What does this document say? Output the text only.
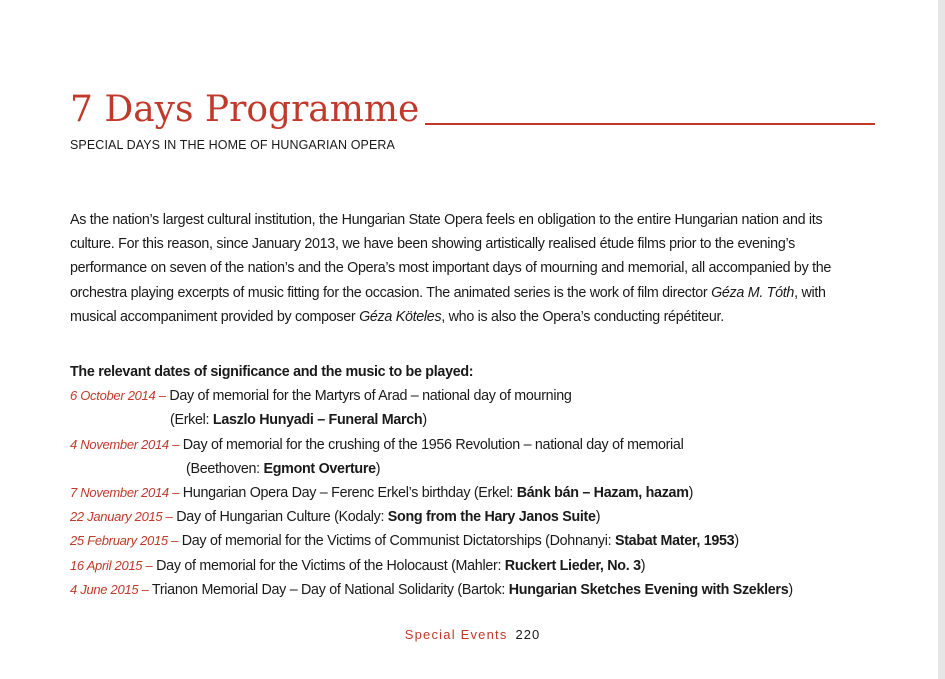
7 Days Programme
SPECIAL DAYS IN THE HOME OF HUNGARIAN OPERA

As the nation’s largest cultural institution, the Hungarian State Opera feels en obligation to the entire Hungarian nation and its culture. For this reason, since January 2013, we have been showing artistically realised étude films prior to the evening’s performance on seven of the nation’s and the Opera’s most important days of mourning and memorial, all accompanied by the orchestra playing excerpts of music fitting for the occasion. The animated series is the work of film director Géza M. Tóth, with musical accompaniment provided by composer Géza Köteles, who is also the Opera’s conducting répétiteur.

The relevant dates of significance and the music to be played:
6 October 2014 – Day of memorial for the Martyrs of Arad – national day of mourning
(Erkel: Laszlo Hunyadi – Funeral March)
4 November 2014 – Day of memorial for the crushing of the 1956 Revolution – national day of memorial
(Beethoven: Egmont Overture)
7 November 2014 – Hungarian Opera Day – Ferenc Erkel’s birthday (Erkel: Bánk bán – Hazam, hazam)
22 January 2015 – Day of Hungarian Culture (Kodaly: Song from the Hary Janos Suite)
25 February 2015 – Day of memorial for the Victims of Communist Dictatorships (Dohnanyi: Stabat Mater, 1953)
16 April 2015 – Day of memorial for the Victims of the Holocaust (Mahler: Ruckert Lieder, No. 3)
4 June 2015 – Trianon Memorial Day – Day of National Solidarity (Bartok: Hungarian Sketches Evening with Szeklers)
Special Events 220
